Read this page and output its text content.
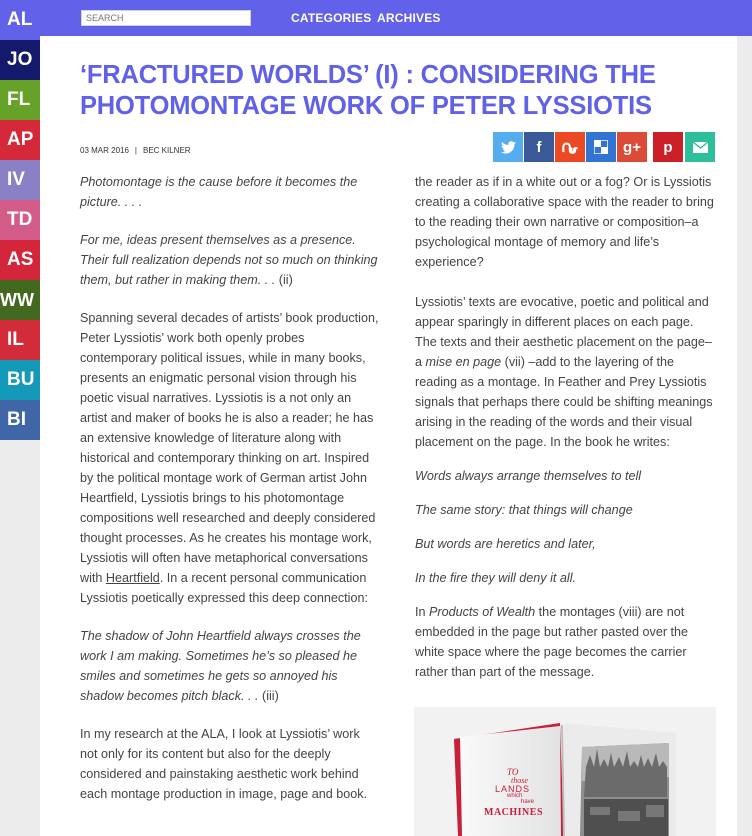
SEARCH
CATEGORIES ARCHIVES
AL
JO
FL
AP
IV
TD
AS
WW
IL
BU
BI
‘FRACTURED WORLDS’ (I) : CONSIDERING THE PHOTOMONTAGE WORK OF PETER LYSSIOTIS
03 MAR 2016 | BEC KILNER	f	g+ p

Photomontage is the cause before it becomes the picture. . . .

For me, ideas present themselves as a presence. Their full realization depends not so much on thinking them, but rather in making them. . . (ii)

Spanning several decades of artists’ book production, Peter Lyssiotis’ work both openly probes contemporary political issues, while in many books, presents an enigmatic personal vision through his poetic visual narratives. Lyssiotis is a not only an artist and maker of books he is also a reader; he has an extensive knowledge of literature along with historical and contemporary thinking on art. Inspired by the political montage work of German artist John Heartfield, Lyssiotis brings to his photomontage compositions well researched and deeply considered thought processes. As he creates his montage work, Lyssiotis will often have metaphorical conversations with Heartfield. In a recent personal communication Lyssiotis poetically expressed this deep connection:

The shadow of John Heartfield always crosses the work I am making. Sometimes he’s so pleased he smiles and sometimes he gets so annoyed his shadow becomes pitch black. . . (iii)

In my research at the ALA, I look at Lyssiotis’ work not only for its content but also for the deeply considered and painstaking aesthetic work behind each montage production in image, page and book.

the reader as if in a white out or a fog? Or is Lyssiotis creating a collaborative space with the reader to bring to the reading their own narrative or composition–a psychological montage of memory and life’s experience?

Lyssiotis’ texts are evocative, poetic and political and appear sparingly in different places on each page. The texts and their aesthetic placement on the page–a mise en page (vii) –add to the layering of the reading as a montage. In Feather and Prey Lyssiotis signals that perhaps there could be shifting meanings arising in the reading of the words and their visual placement on the page. In the book he writes:

Words always arrange themselves to tell

The same story: that things will change

But words are heretics and later,

In the fire they will deny it all.

In Products of Wealth the montages (viii) are not embedded in the page but rather pasted over the white space where the page becomes the carrier rather than part of the message.

TO
those
LANDS
which
have
MACHINES
